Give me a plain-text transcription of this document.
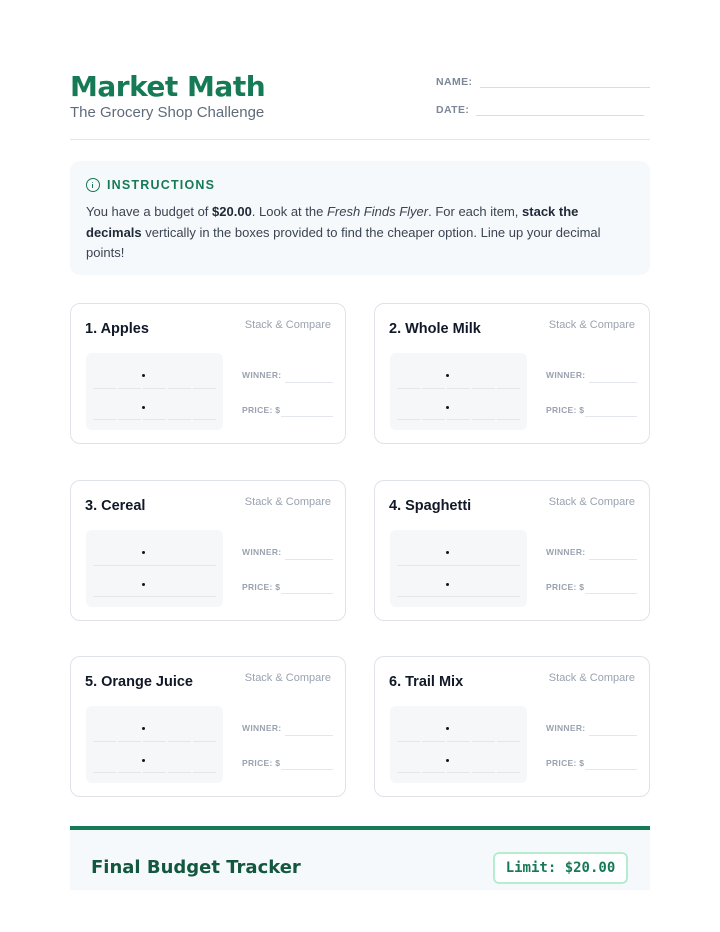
Market Math
The Grocery Shop Challenge
NAME:
DATE:
INSTRUCTIONS

You have a budget of $20.00. Look at the Fresh Finds Flyer. For each item, stack the decimals vertically in the boxes provided to find the cheaper option. Line up your decimal points!

1. Apples	Stack & Compare
WINNER:
PRICE: $
2. Whole Milk	Stack & Compare
WINNER:
PRICE: $
3. Cereal	Stack & Compare
WINNER:
PRICE: $
4. Spaghetti	Stack & Compare
WINNER:
PRICE: $
5. Orange Juice	Stack & Compare
WINNER:
PRICE: $
6. Trail Mix	Stack & Compare
WINNER:
PRICE: $
Final Budget Tracker	Limit: $20.00
